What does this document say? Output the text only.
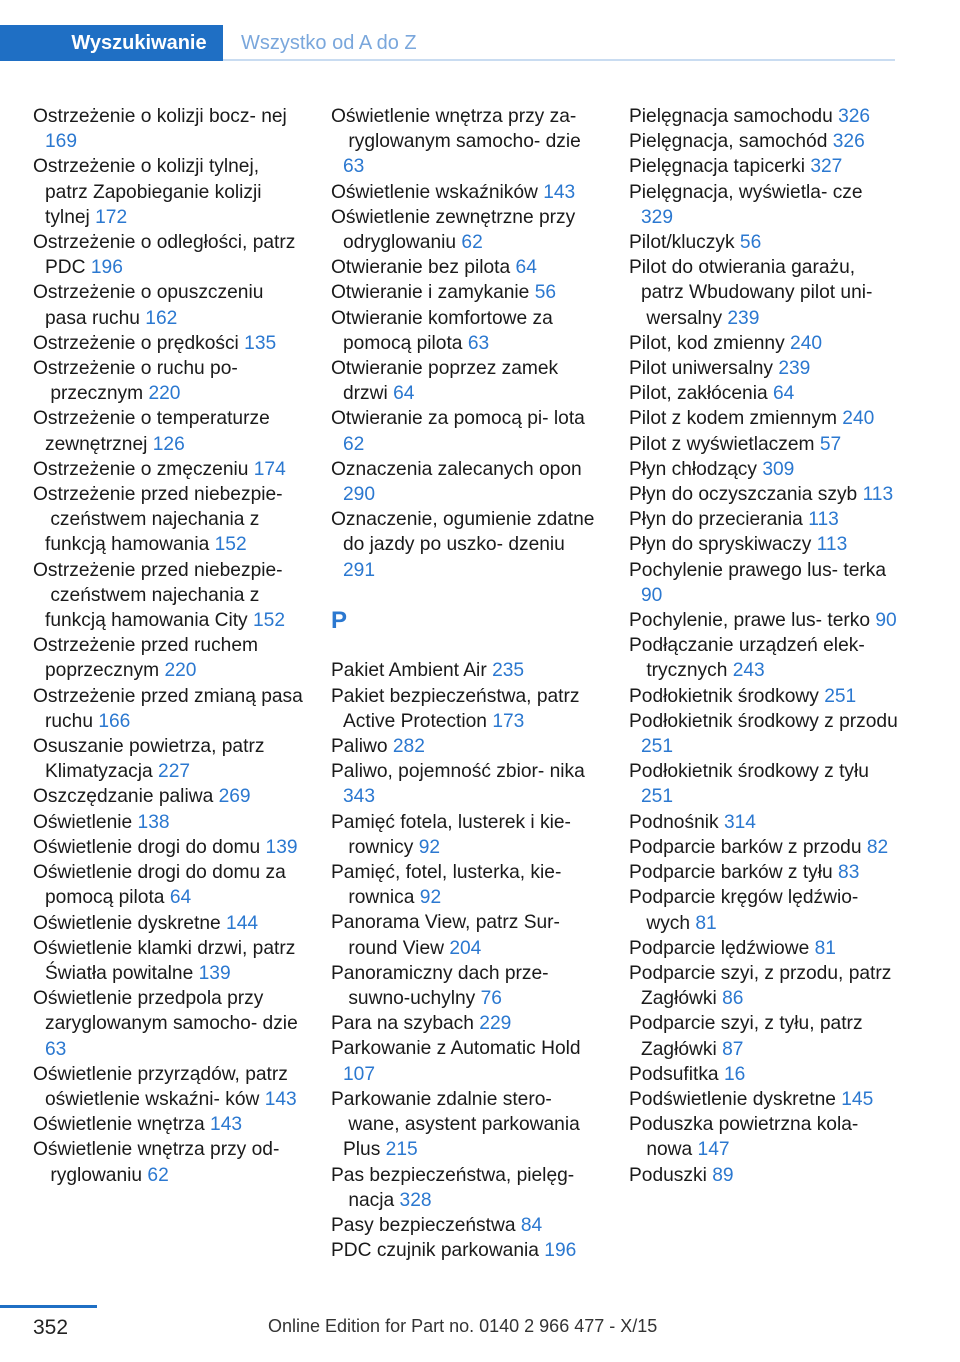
Wyszukiwanie	Wszystko od A do Z
Ostrzeżenie o kolizji bocz‐ nej 169
Ostrzeżenie o kolizji tylnej, patrz Zapobieganie kolizji tylnej 172
Ostrzeżenie o odległości, patrz PDC 196
Ostrzeżenie o opuszczeniu pasa ruchu 162
Ostrzeżenie o prędkości 135
Ostrzeżenie o ruchu po‐ przecznym 220
Ostrzeżenie o temperaturze zewnętrznej 126
Ostrzeżenie o zmęczeniu 174
Ostrzeżenie przed niebezpie‐ czeństwem najechania z funkcją hamowania 152
Ostrzeżenie przed niebezpie‐ czeństwem najechania z funkcją hamowania City 152
Ostrzeżenie przed ruchem poprzecznym 220
Ostrzeżenie przed zmianą pasa ruchu 166
Osuszanie powietrza, patrz Klimatyzacja 227
Oszczędzanie paliwa 269
Oświetlenie 138
Oświetlenie drogi do domu 139
Oświetlenie drogi do domu za pomocą pilota 64
Oświetlenie dyskretne 144
Oświetlenie klamki drzwi, patrz Światła powitalne 139
Oświetlenie przedpola przy zaryglowanym samocho‐ dzie 63
Oświetlenie przyrządów, patrz oświetlenie wskaźni‐ ków 143
Oświetlenie wnętrza 143
Oświetlenie wnętrza przy od‐ ryglowaniu 62
Oświetlenie wnętrza przy za‐ ryglowanym samocho‐ dzie 63
Oświetlenie wskaźników 143
Oświetlenie zewnętrzne przy odryglowaniu 62
Otwieranie bez pilota 64
Otwieranie i zamykanie 56
Otwieranie komfortowe za pomocą pilota 63
Otwieranie poprzez zamek drzwi 64
Otwieranie za pomocą pi‐ lota 62
Oznaczenia zalecanych opon 290
Oznaczenie, ogumienie zdatne do jazdy po uszko‐ dzeniu 291
P
Pakiet Ambient Air 235
Pakiet bezpieczeństwa, patrz Active Protection 173
Paliwo 282
Paliwo, pojemność zbior‐ nika 343
Pamięć fotela, lusterek i kie‐ rownicy 92
Pamięć, fotel, lusterka, kie‐ rownica 92
Panorama View, patrz Sur‐ round View 204
Panoramiczny dach prze‐ suwno-uchylny 76
Para na szybach 229
Parkowanie z Automatic Hold 107
Parkowanie zdalnie stero‐ wane, asystent parkowania Plus 215
Pas bezpieczeństwa, pielęg‐ nacja 328
Pasy bezpieczeństwa 84
PDC czujnik parkowania 196
Pielęgnacja samochodu 326
Pielęgnacja, samochód 326
Pielęgnacja tapicerki 327
Pielęgnacja, wyświetla‐ cze 329
Pilot/kluczyk 56
Pilot do otwierania garażu, patrz Wbudowany pilot uni‐ wersalny 239
Pilot, kod zmienny 240
Pilot uniwersalny 239
Pilot, zakłócenia 64
Pilot z kodem zmiennym 240
Pilot z wyświetlaczem 57
Płyn chłodzący 309
Płyn do oczyszczania szyb 113
Płyn do przecierania 113
Płyn do spryskiwaczy 113
Pochylenie prawego lus‐ terka 90
Pochylenie, prawe lus‐ terko 90
Podłączanie urządzeń elek‐ trycznych 243
Podłokietnik środkowy 251
Podłokietnik środkowy z przodu 251
Podłokietnik środkowy z tyłu 251
Podnośnik 314
Podparcie barków z przodu 82
Podparcie barków z tyłu 83
Podparcie kręgów lędźwio‐ wych 81
Podparcie lędźwiowe 81
Podparcie szyi, z przodu, patrz Zagłówki 86
Podparcie szyi, z tyłu, patrz Zagłówki 87
Podsufitka 16
Podświetlenie dyskretne 145
Poduszka powietrzna kola‐ nowa 147
Poduszki 89
352	Online Edition for Part no. 0140 2 966 477 - X/15
